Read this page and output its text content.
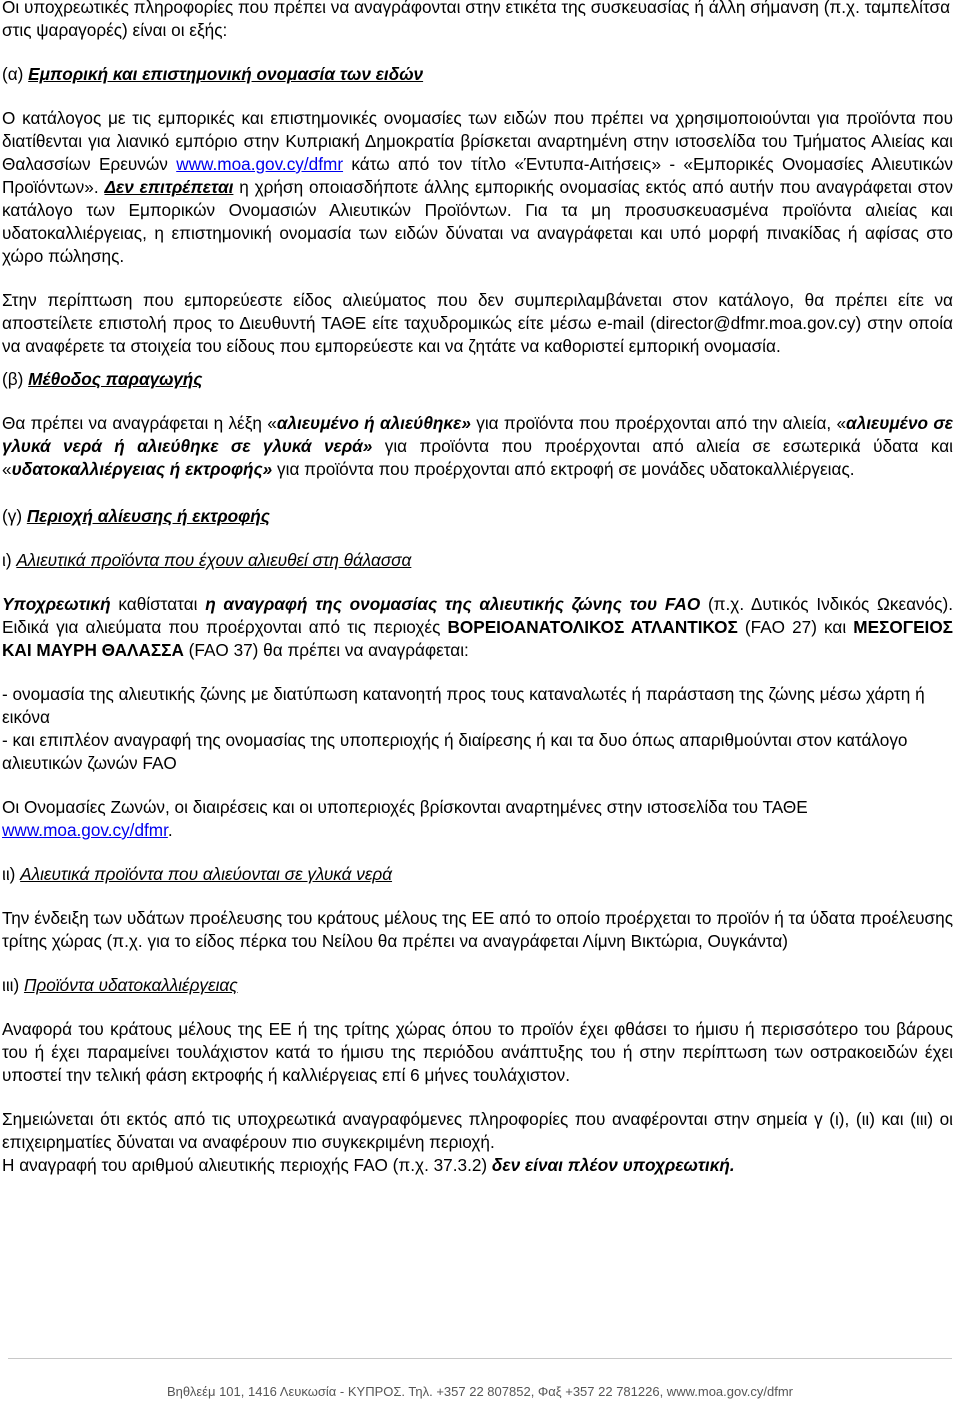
Οι υποχρεωτικές πληροφορίες που πρέπει να αναγράφονται στην ετικέτα της συσκευασίας ή άλλη σήμανση (π.χ. ταμπελίτσα στις ψαραγορές) είναι οι εξής:

(α) Εμπορική και επιστημονική ονομασία των ειδών

Ο κατάλογος με τις εμπορικές και επιστημονικές ονομασίες των ειδών που πρέπει να χρησιμοποιούνται για προϊόντα που διατίθενται για λιανικό εμπόριο στην Κυπριακή Δημοκρατία βρίσκεται αναρτημένη στην ιστοσελίδα του Τμήματος Αλιείας και Θαλασσίων Ερευνών www.moa.gov.cy/dfmr κάτω από τον τίτλο «Έντυπα-Αιτήσεις» - «Εμπορικές Ονομασίες Αλιευτικών Προϊόντων». Δεν επιτρέπεται η χρήση οποιασδήποτε άλλης εμπορικής ονομασίας εκτός από αυτήν που αναγράφεται στον κατάλογο των Εμπορικών Ονομασιών Αλιευτικών Προϊόντων. Για τα μη προσυσκευασμένα προϊόντα αλιείας και υδατοκαλλιέργειας, η επιστημονική ονομασία των ειδών δύναται να αναγράφεται και υπό μορφή πινακίδας ή αφίσας στο χώρο πώλησης.

Στην περίπτωση που εμπορεύεστε είδος αλιεύματος που δεν συμπεριλαμβάνεται στον κατάλογο, θα πρέπει είτε να αποστείλετε επιστολή προς το Διευθυντή ΤΑΘΕ είτε ταχυδρομικώς είτε μέσω e-mail (director@dfmr.moa.gov.cy) στην οποία να αναφέρετε τα στοιχεία του είδους που εμπορεύεστε και να ζητάτε να καθοριστεί εμπορική ονομασία.

(β) Μέθοδος παραγωγής

Θα πρέπει να αναγράφεται η λέξη «αλιευμένο ή αλιεύθηκε» για προϊόντα που προέρχονται από την αλιεία, «αλιευμένο σε γλυκά νερά ή αλιεύθηκε σε γλυκά νερά» για προϊόντα που προέρχονται από αλιεία σε εσωτερικά ύδατα και «υδατοκαλλιέργειας ή εκτροφής» για προϊόντα που προέρχονται από εκτροφή σε μονάδες υδατοκαλλιέργειας.

(γ) Περιοχή αλίευσης ή εκτροφής

ι) Αλιευτικά προϊόντα που έχουν αλιευθεί στη θάλασσα

Υποχρεωτική καθίσταται η αναγραφή της ονομασίας της αλιευτικής ζώνης του FAO (π.χ. Δυτικός Ινδικός Ωκεανός). Ειδικά για αλιεύματα που προέρχονται από τις περιοχές ΒΟΡΕΙΟΑΝΑΤΟΛΙΚΟΣ ΑΤΛΑΝΤΙΚΟΣ (FAO 27) και ΜΕΣΟΓΕΙΟΣ ΚΑΙ ΜΑΥΡΗ ΘΑΛΑΣΣΑ (FAO 37) θα πρέπει να αναγράφεται:

- ονομασία της αλιευτικής ζώνης με διατύπωση κατανοητή προς τους καταναλωτές ή παράσταση της ζώνης μέσω χάρτη ή εικόνα

- και επιπλέον αναγραφή της ονομασίας της υποπεριοχής ή διαίρεσης ή και τα δυο όπως απαριθμούνται στον κατάλογο αλιευτικών ζωνών FAO

Οι Ονομασίες Ζωνών, οι διαιρέσεις και οι υποπεριοχές βρίσκονται αναρτημένες στην ιστοσελίδα του ΤΑΘΕ www.moa.gov.cy/dfmr.

ιι) Αλιευτικά προϊόντα που αλιεύονται σε γλυκά νερά

Την ένδειξη των υδάτων προέλευσης του κράτους μέλους της ΕΕ από το οποίο προέρχεται το προϊόν ή τα ύδατα προέλευσης τρίτης χώρας (π.χ. για το είδος πέρκα του Νείλου θα πρέπει να αναγράφεται Λίμνη Βικτώρια, Ουγκάντα)

ιιι) Προϊόντα υδατοκαλλιέργειας

Αναφορά του κράτους μέλους της ΕΕ ή της τρίτης χώρας όπου το προϊόν έχει φθάσει το ήμισυ ή περισσότερο του βάρους του ή έχει παραμείνει τουλάχιστον κατά το ήμισυ της περιόδου ανάπτυξης του ή στην περίπτωση των οστρακοειδών έχει υποστεί την τελική φάση εκτροφής ή καλλιέργειας επί 6 μήνες τουλάχιστον.

Σημειώνεται ότι εκτός από τις υποχρεωτικά αναγραφόμενες πληροφορίες που αναφέρονται στην σημεία γ (ι), (ιι) και (ιιι) οι επιχειρηματίες δύναται να αναφέρουν πιο συγκεκριμένη περιοχή.

Η αναγραφή του αριθμού αλιευτικής περιοχής FAO (π.χ. 37.3.2) δεν είναι πλέον υποχρεωτική.

Βηθλεέμ 101, 1416 Λευκωσία - ΚΥΠΡΟΣ. Τηλ. +357 22 807852, Φαξ +357 22 781226, www.moa.gov.cy/dfmr
